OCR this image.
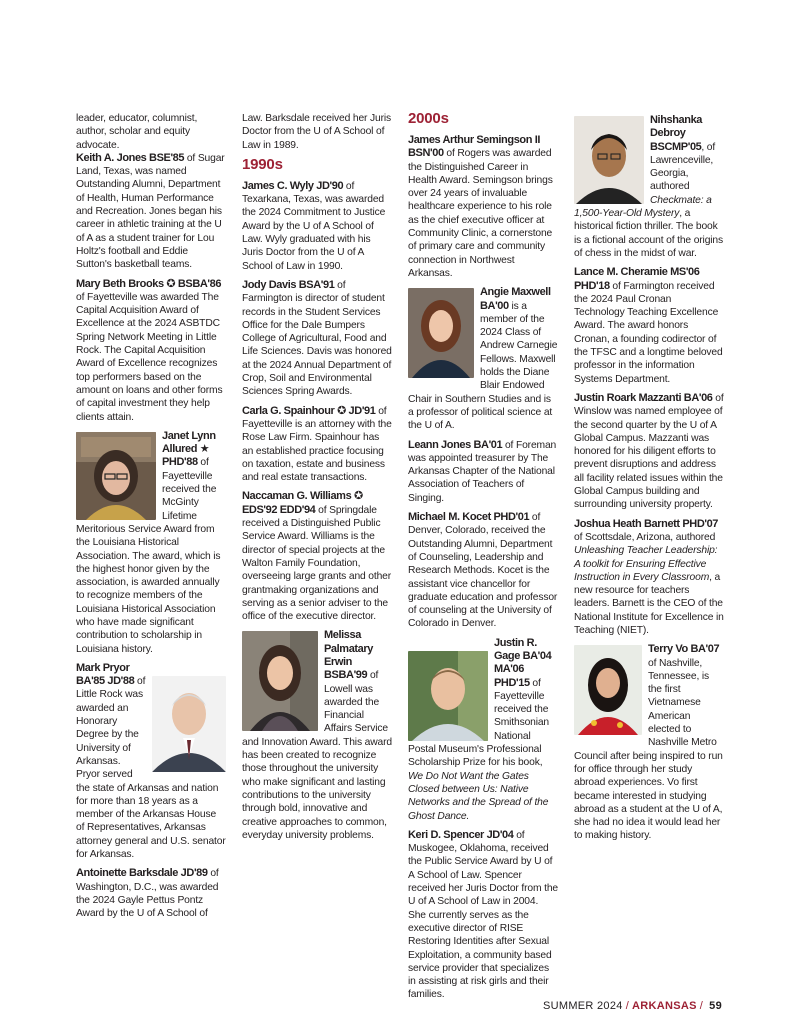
leader, educator, columnist, author, scholar and equity advocate.

Keith A. Jones BSE'85 of Sugar Land, Texas, was named Outstanding Alumni, Department of Health, Human Performance and Recreation. Jones began his career in athletic training at the U of A as a student trainer for Lou Holtz's football and Eddie Sutton's basketball teams.
Mary Beth Brooks ✪ BSBA'86 of Fayetteville was awarded The Capital Acquisition Award of Excellence at the 2024 ASBTDC Spring Network Meeting in Little Rock. The Capital Acquisition Award of Excellence recognizes top performers based on the amount on loans and other forms of capital investment they help clients attain.
Janet Lynn Allured ★ PHD'88 of Fayetteville received the McGinty Lifetime Meritorious Service Award from the Louisiana Historical Association. The award, which is the highest honor given by the association, is awarded annually to recognize members of the Louisiana Historical Association who have made significant contribution to scholarship in Louisiana history.
Mark Pryor BA'85 JD'88 of Little Rock was awarded an Honorary Degree by the University of Arkansas. Pryor served the state of Arkansas and nation for more than 18 years as a member of the Arkansas House of Representatives, Arkansas attorney general and U.S. senator for Arkansas.
Antoinette Barksdale JD'89 of Washington, D.C., was awarded the 2024 Gayle Pettus Pontz Award by the U of A School of

Law. Barksdale received her Juris Doctor from the U of A School of Law in 1989.

1990s
James C. Wyly JD'90 of Texarkana, Texas, was awarded the 2024 Commitment to Justice Award by the U of A School of Law. Wyly graduated with his Juris Doctor from the U of A School of Law in 1990.
Jody Davis BSA'91 of Farmington is director of student records in the Student Services Office for the Dale Bumpers College of Agricultural, Food and Life Sciences. Davis was honored at the 2024 Annual Department of Crop, Soil and Environmental Sciences Spring Awards.
Carla G. Spainhour ✪ JD'91 of Fayetteville is an attorney with the Rose Law Firm. Spainhour has an established practice focusing on taxation, estate and business and real estate transactions.
Naccaman G. Williams ✪ EDS'92 EDD'94 of Springdale received a Distinguished Public Service Award. Williams is the director of special projects at the Walton Family Foundation, overseeing large grants and other grantmaking organizations and serving as a senior adviser to the office of the executive director.
Melissa Palmatary Erwin BSBA'99 of Lowell was awarded the Financial Affairs Service and Innovation Award. This award has been created to recognize those throughout the university who make significant and lasting contributions to the university through bold, innovative and creative approaches to common, everyday university problems.
2000s
James Arthur Semingson II BSN'00 of Rogers was awarded the Distinguished Career in Health Award. Semingson brings over 24 years of invaluable healthcare experience to his role as the chief executive officer at Community Clinic, a cornerstone of primary care and community connection in Northwest Arkansas.
Angie Maxwell BA'00 is a member of the 2024 Class of Andrew Carnegie Fellows. Maxwell holds the Diane Blair Endowed Chair in Southern Studies and is a professor of political science at the U of A.
Leann Jones BA'01 of Foreman was appointed treasurer by The Arkansas Chapter of the National Association of Teachers of Singing.
Michael M. Kocet PHD'01 of Denver, Colorado, received the Outstanding Alumni, Department of Counseling, Leadership and Research Methods. Kocet is the assistant vice chancellor for graduate education and professor of counseling at the University of Colorado in Denver.
Justin R. Gage BA'04 MA'06 PHD'15 of Fayetteville received the Smithsonian National Postal Museum's Professional Scholarship Prize for his book, We Do Not Want the Gates Closed between Us: Native Networks and the Spread of the Ghost Dance.
Keri D. Spencer JD'04 of Muskogee, Oklahoma, received the Public Service Award by U of A School of Law. Spencer received her Juris Doctor from the U of A School of Law in 2004. She currently serves as the executive director of RISE Restoring Identities after Sexual Exploitation, a community based service provider that specializes in assisting at risk girls and their families.
Nihshanka Debroy BSCMP'05, of Lawrenceville, Georgia, authored Checkmate: a 1,500-Year-Old Mystery, a historical fiction thriller. The book is a fictional account of the origins of chess in the midst of war.
Lance M. Cheramie MS'06 PHD'18 of Farmington received the 2024 Paul Cronan Technology Teaching Excellence Award. The award honors Cronan, a founding codirector of the TFSC and a longtime beloved professor in the information Systems Department.
Justin Roark Mazzanti BA'06 of Winslow was named employee of the second quarter by the U of A Global Campus. Mazzanti was honored for his diligent efforts to prevent disruptions and address all facility related issues within the Global Campus building and surrounding university property.
Joshua Heath Barnett PHD'07 of Scottsdale, Arizona, authored Unleashing Teacher Leadership: A toolkit for Ensuring Effective Instruction in Every Classroom, a new resource for teachers leaders. Barnett is the CEO of the National Institute for Excellence in Teaching (NIET).
Terry Vo BA'07 of Nashville, Tennessee, is the first Vietnamese American elected to Nashville Metro Council after being inspired to run for office through her study abroad experiences. Vo first became interested in studying abroad as a student at the U of A, she had no idea it would lead her to making history.
SUMMER 2024 / ARKANSAS / 59
